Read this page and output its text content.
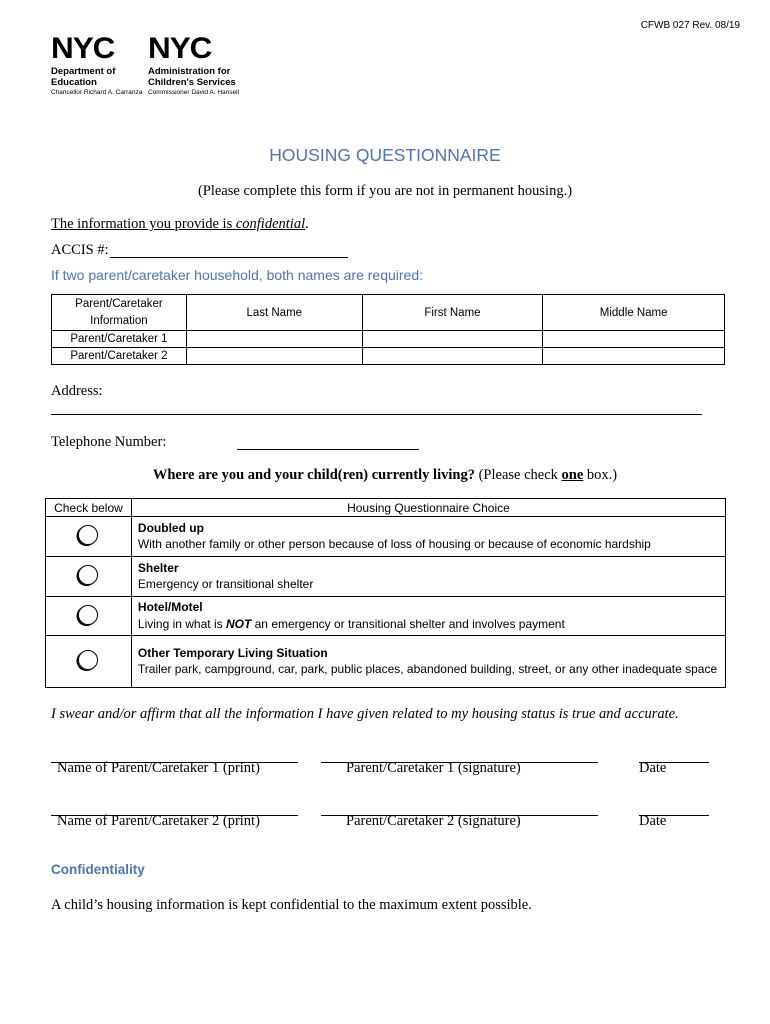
CFWB 027 Rev. 08/19
NYC
Department of
Education
Chancellor Richard A. Carranza
NYC
Administration for
Children's Services
Commissioner David A. Hansell
HOUSING QUESTIONNAIRE
(Please complete this form if you are not in permanent housing.)
The information you provide is confidential.
ACCIS #:
If two parent/caretaker household, both names are required:
Parent/Caretaker Information	Last Name	First Name	Middle Name
Parent/Caretaker 1			
Parent/Caretaker 2			
Address:
Telephone Number:
Where are you and your child(ren) currently living? (Please check one box.)
Check below	Housing Questionnaire Choice
	Doubled up
With another family or other person because of loss of housing or because of economic hardship
	Shelter
Emergency or transitional shelter
	Hotel/Motel
Living in what is NOT an emergency or transitional shelter and involves payment
	Other Temporary Living Situation
Trailer park, campground, car, park, public places, abandoned building, street, or any other inadequate space
I swear and/or affirm that all the information I have given related to my housing status is true and accurate.
Name of Parent/Caretaker 1 (print)	Parent/Caretaker 1 (signature)	Date
Name of Parent/Caretaker 2 (print)	Parent/Caretaker 2 (signature)	Date
Confidentiality
A child’s housing information is kept confidential to the maximum extent possible.
